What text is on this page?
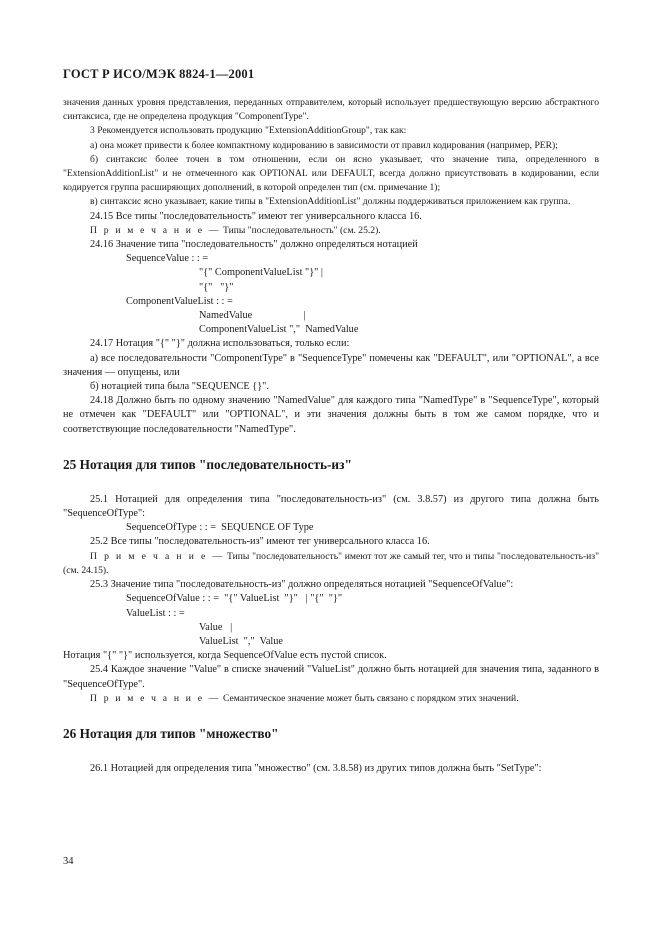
ГОСТ Р ИСО/МЭК 8824-1—2001

значения данных уровня представления, переданных отправителем, который использует предшествующую версию абстрактного синтаксиса, где не определена продукция "ComponentType".

3 Рекомендуется использовать продукцию "ExtensionAdditionGroup", так как:

а) она может привести к более компактному кодированию в зависимости от правил кодирования (например, PER);

б) синтаксис более точен в том отношении, если он ясно указывает, что значение типа, определенного в "ExtensionAdditionList" и не отмеченного как OPTIONAL или DEFAULT, всегда должно присутствовать в кодировании, если кодируется группа расширяющих дополнений, в которой определен тип (см. примечание 1);

в) синтаксис ясно указывает, какие типы в "ExtensionAdditionList" должны поддерживаться приложением как группа.

24.15 Все типы "последовательность" имеют тег универсального класса 16.

П р и м е ч а н и е — Типы "последовательность" (см. 25.2).

24.16 Значение типа "последовательность" должно определяться нотацией

SequenceValue : : =

"{" ComponentValueList "}" |

"{"   "}"

ComponentValueList : : =

NamedValue                    |

ComponentValueList ","  NamedValue

24.17 Нотация "{" "}" должна использоваться, только если:

а) все последовательности "ComponentType" в "SequenceType" помечены как "DEFAULT", или "OPTIONAL", а все значения — опущены, или

б) нотацией типа была "SEQUENCE {}".

24.18 Должно быть по одному значению "NamedValue" для каждого типа "NamedType" в "SequenceType", который не отмечен как "DEFAULT" или "OPTIONAL", и эти значения должны быть в том же самом порядке, что и соответствующие последовательности "NamedType".

25 Нотация для типов "последовательность-из"

25.1 Нотацией для определения типа "последовательность-из" (см. 3.8.57) из другого типа должна быть "SequenceOfType":

SequenceOfType : : =  SEQUENCE OF Type

25.2 Все типы "последовательность-из" имеют тег универсального класса 16.

П р и м е ч а н и е — Типы "последовательность" имеют тот же самый тег, что и типы "последовательность-из" (см. 24.15).

25.3 Значение типа "последовательность-из" должно определяться нотацией "SequenceOfValue":

SequenceOfValue : : =  "{" ValueList  "}"   | "{"  "}"

ValueList : : =

Value   |

ValueList  ","  Value

Нотация "{" "}" используется, когда SequenceOfValue есть пустой список.

25.4 Каждое значение "Value" в списке значений "ValueList" должно быть нотацией для значения типа, заданного в "SequenceOfType".

П р и м е ч а н и е — Семантическое значение может быть связано с порядком этих значений.

26 Нотация для типов "множество"

26.1 Нотацией для определения типа "множество" (см. 3.8.58) из других типов должна быть "SetType":

34
